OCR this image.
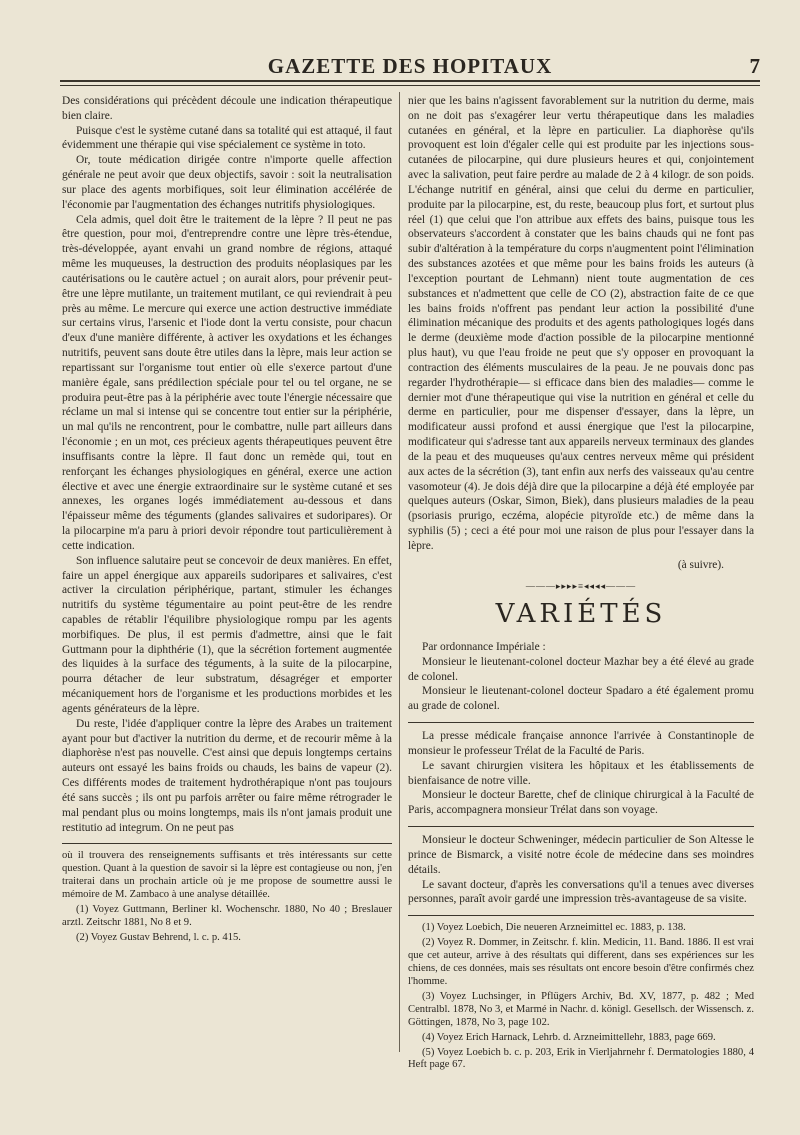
GAZETTE DES HOPITAUX	7

Des considérations qui précèdent découle une indication thérapeutique bien claire.

Puisque c'est le système cutané dans sa totalité qui est attaqué, il faut évidemment une thérapie qui vise spécialement ce système in toto.

Or, toute médication dirigée contre n'importe quelle affection générale ne peut avoir que deux objectifs, savoir : soit la neutralisation sur place des agents morbifiques, soit leur élimination accélérée de l'économie par l'augmentation des échanges nutritifs physiologiques.

Cela admis, quel doit être le traitement de la lèpre ? Il peut ne pas être question, pour moi, d'entreprendre contre une lèpre très-étendue, très-développée, ayant envahi un grand nombre de régions, attaqué même les muqueuses, la destruction des produits néoplasiques par les cautérisations ou le cautère actuel ; on aurait alors, pour prévenir peut-être une lèpre mutilante, un traitement mutilant, ce qui reviendrait à peu près au même. Le mercure qui exerce une action destructive immédiate sur certains virus, l'arsenic et l'iode dont la vertu consiste, pour chacun d'eux d'une manière différente, à activer les oxydations et les échanges nutritifs, peuvent sans doute être utiles dans la lèpre, mais leur action se repartissant sur l'organisme tout entier où elle s'exerce partout d'une manière égale, sans prédilection spéciale pour tel ou tel organe, ne se produira peut-être pas à la périphérie avec toute l'énergie nécessaire que réclame un mal si intense qui se concentre tout entier sur la périphérie, un mal qu'ils ne rencontrent, pour le combattre, nulle part ailleurs dans l'économie ; en un mot, ces précieux agents thérapeutiques peuvent être insuffisants contre la lèpre. Il faut donc un remède qui, tout en renforçant les échanges physiologiques en général, exerce une action élective et avec une énergie extraordinaire sur le système cutané et ses annexes, les organes logés immédiatement au-dessous et dans l'épaisseur même des téguments (glandes salivaires et sudoripares). Or la pilocarpine m'a paru à priori devoir répondre tout particulièrement à cette indication.

Son influence salutaire peut se concevoir de deux manières. En effet, faire un appel énergique aux appareils sudoripares et salivaires, c'est activer la circulation périphérique, partant, stimuler les échanges nutritifs du système tégumentaire au point peut-être de les rendre capables de rétablir l'équilibre physiologique rompu par les agents morbifiques. De plus, il est permis d'admettre, ainsi que le fait Guttmann pour la diphthérie (1), que la sécrétion fortement augmentée des liquides à la surface des téguments, à la suite de la pilocarpine, pourra détacher de leur substratum, désagréger et emporter mécaniquement hors de l'organisme et les productions morbides et les agents générateurs de la lèpre.

Du reste, l'idée d'appliquer contre la lèpre des Arabes un traitement ayant pour but d'activer la nutrition du derme, et de recourir même à la diaphorèse n'est pas nouvelle. C'est ainsi que depuis longtemps certains auteurs ont essayé les bains froids ou chauds, les bains de vapeur (2). Ces différents modes de traitement hydrothérapique n'ont pas toujours été sans succès ; ils ont pu parfois arrêter ou faire même rétrograder le mal pendant plus ou moins longtemps, mais ils n'ont jamais produit une restitutio ad integrum. On ne peut pas

où il trouvera des renseignements suffisants et très intéressants sur cette question. Quant à la question de savoir si la lèpre est contagieuse ou non, j'en traiterai dans un prochain article où je me propose de soumettre aussi le mémoire de M. Zambaco à une analyse détaillée.

(1) Voyez Guttmann, Berliner kl. Wochenschr. 1880, No 40 ; Breslauer arztl. Zeitschr 1881, No 8 et 9.

(2) Voyez Gustav Behrend, l. c. p. 415.

nier que les bains n'agissent favorablement sur la nutrition du derme, mais on ne doit pas s'exagérer leur vertu thérapeutique dans les maladies cutanées en général, et la lèpre en particulier. La diaphorèse qu'ils provoquent est loin d'égaler celle qui est produite par les injections sous-cutanées de pilocarpine, qui dure plusieurs heures et qui, conjointement avec la salivation, peut faire perdre au malade de 2 à 4 kilogr. de son poids. L'échange nutritif en général, ainsi que celui du derme en particulier, produite par la pilocarpine, est, du reste, beaucoup plus fort, et surtout plus réel (1) que celui que l'on attribue aux effets des bains, puisque tous les observateurs s'accordent à constater que les bains chauds qui ne font pas subir d'altération à la température du corps n'augmentent point l'élimination des substances azotées et que même pour les bains froids les auteurs (à l'exception pourtant de Lehmann) nient toute augmentation de ces substances et n'admettent que celle de CO (2), abstraction faite de ce que les bains froids n'offrent pas pendant leur action la possibilité d'une élimination mécanique des produits et des agents pathologiques logés dans le derme (deuxième mode d'action possible de la pilocarpine mentionné plus haut), vu que l'eau froide ne peut que s'y opposer en provoquant la contraction des éléments musculaires de la peau. Je ne pouvais donc pas regarder l'hydrothérapie— si efficace dans bien des maladies— comme le dernier mot d'une thérapeutique qui vise la nutrition en général et celle du derme en particulier, pour me dispenser d'essayer, dans la lèpre, un modificateur aussi profond et aussi énergique que l'est la pilocarpine, modificateur qui s'adresse tant aux appareils nerveux terminaux des glandes de la peau et des muqueuses qu'aux centres nerveux même qui président aux actes de la sécrétion (3), tant enfin aux nerfs des vaisseaux qu'au centre vasomoteur (4). Je dois déjà dire que la pilocarpine a déjà été employée par quelques auteurs (Oskar, Simon, Biek), dans plusieurs maladies de la peau (psoriasis prurigo, eczéma, alopécie pityroïde etc.) de même dans la syphilis (5) ; ceci a été pour moi une raison de plus pour l'essayer dans la lèpre.

(à suivre).
———▸▸▸▸≡◂◂◂◂———
VARIÉTÉS

Par ordonnance Impériale :

Monsieur le lieutenant-colonel docteur Mazhar bey a été élevé au grade de colonel.

Monsieur le lieutenant-colonel docteur Spadaro a été également promu au grade de colonel.

La presse médicale française annonce l'arrivée à Constantinople de monsieur le professeur Trélat de la Faculté de Paris.

Le savant chirurgien visitera les hôpitaux et les établissements de bienfaisance de notre ville.

Monsieur le docteur Barette, chef de clinique chirurgical à la Faculté de Paris, accompagnera monsieur Trélat dans son voyage.

Monsieur le docteur Schweninger, médecin particulier de Son Altesse le prince de Bismarck, a visité notre école de médecine dans ses moindres détails.

Le savant docteur, d'après les conversations qu'il a tenues avec diverses personnes, paraît avoir gardé une impression très-avantageuse de sa visite.

(1) Voyez Loebich, Die neueren Arzneimittel ec. 1883, p. 138.

(2) Voyez R. Dommer, in Zeitschr. f. klin. Medicin, 11. Band. 1886. Il est vrai que cet auteur, arrive à des résultats qui different, dans ses expériences sur les chiens, de ces données, mais ses résultats ont encore besoin d'être confirmés chez l'homme.

(3) Voyez Luchsinger, in Pflügers Archiv, Bd. XV, 1877, p. 482 ; Med Centralbl. 1878, No 3, et Marmé in Nachr. d. königl. Gesellsch. der Wissensch. z. Göttingen, 1878, No 3, page 102.

(4) Voyez Erich Harnack, Lehrb. d. Arzneimittellehr, 1883, page 669.

(5) Voyez Loebich b. c. p. 203, Erik in Vierljahrnehr f. Dermatologies 1880, 4 Heft page 67.
